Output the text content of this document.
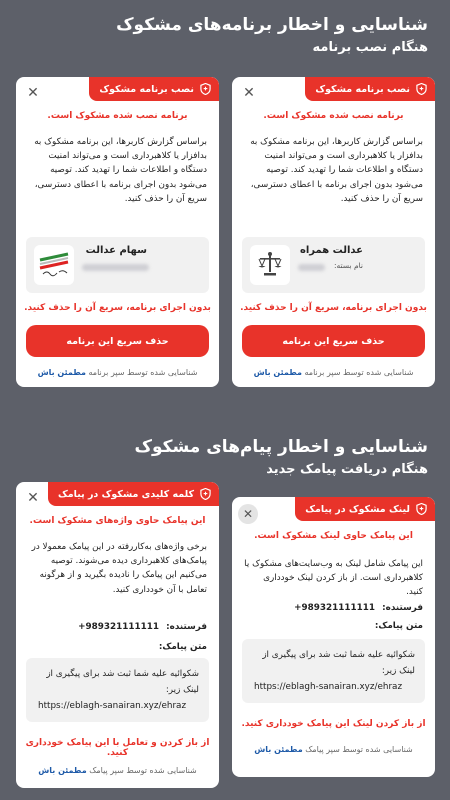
شناسایی و اخطار برنامه‌های مشکوک
هنگام نصب برنامه
نصب برنامه مشکوک
✕
برنامه نصب شده مشکوک است.
براساس گزارش کاربرها، این برنامه مشکوک به بدافزار یا کلاهبرداری است و می‌تواند امنیت دستگاه و اطلاعات شما را تهدید کند. توصیه می‌شود بدون اجرای برنامه با اعطای دسترسی، سریع آن را حذف کنید.
عدالت همراه
نام بسته:
بدون اجرای برنامه، سریع آن را حذف کنید.
حذف سریع این برنامه
شناسایی شده توسط سپر برنامه مطمئن باش
نصب برنامه مشکوک
✕
برنامه نصب شده مشکوک است.
براساس گزارش کاربرها، این برنامه مشکوک به بدافزار یا کلاهبرداری است و می‌تواند امنیت دستگاه و اطلاعات شما را تهدید کند. توصیه می‌شود بدون اجرای برنامه با اعطای دسترسی، سریع آن را حذف کنید.
سهام عدالت
بدون اجرای برنامه، سریع آن را حذف کنید.
حذف سریع این برنامه
شناسایی شده توسط سپر برنامه مطمئن باش
شناسایی و اخطار پیام‌های مشکوک
هنگام دریافت پیامک جدید
لینک مشکوک در پیامک
✕
این پیامک حاوی لینک مشکوک است.
این پیامک شامل لینک به وب‌سایت‌های مشکوک یا کلاهبرداری است. از باز کردن لینک خودداری کنید.
فرستنده:
+989321111111
متن پیامک:
شکوائیه علیه شما ثبت شد برای پیگیری از
لینک زیر:
https://eblagh-sanairan.xyz/ehraz
از باز کردن لینک این پیامک خودداری کنید.
شناسایی شده توسط سپر پیامک مطمئن باش
کلمه کلیدی مشکوک در پیامک
✕
این پیامک حاوی واژه‌های مشکوک است.
برخی واژه‌های به‌کاررفته در این پیامک معمولا در پیامک‌های کلاهبرداری دیده می‌شوند. توصیه می‌کنیم این پیامک را نادیده بگیرید و از هرگونه تعامل با آن خودداری کنید.
فرستنده:
+989321111111
متن پیامک:
شکوائیه علیه شما ثبت شد برای پیگیری از
لینک زیر:
https://eblagh-sanairan.xyz/ehraz
از باز کردن و تعامل با این پیامک خودداری کنید.
شناسایی شده توسط سپر پیامک مطمئن باش
